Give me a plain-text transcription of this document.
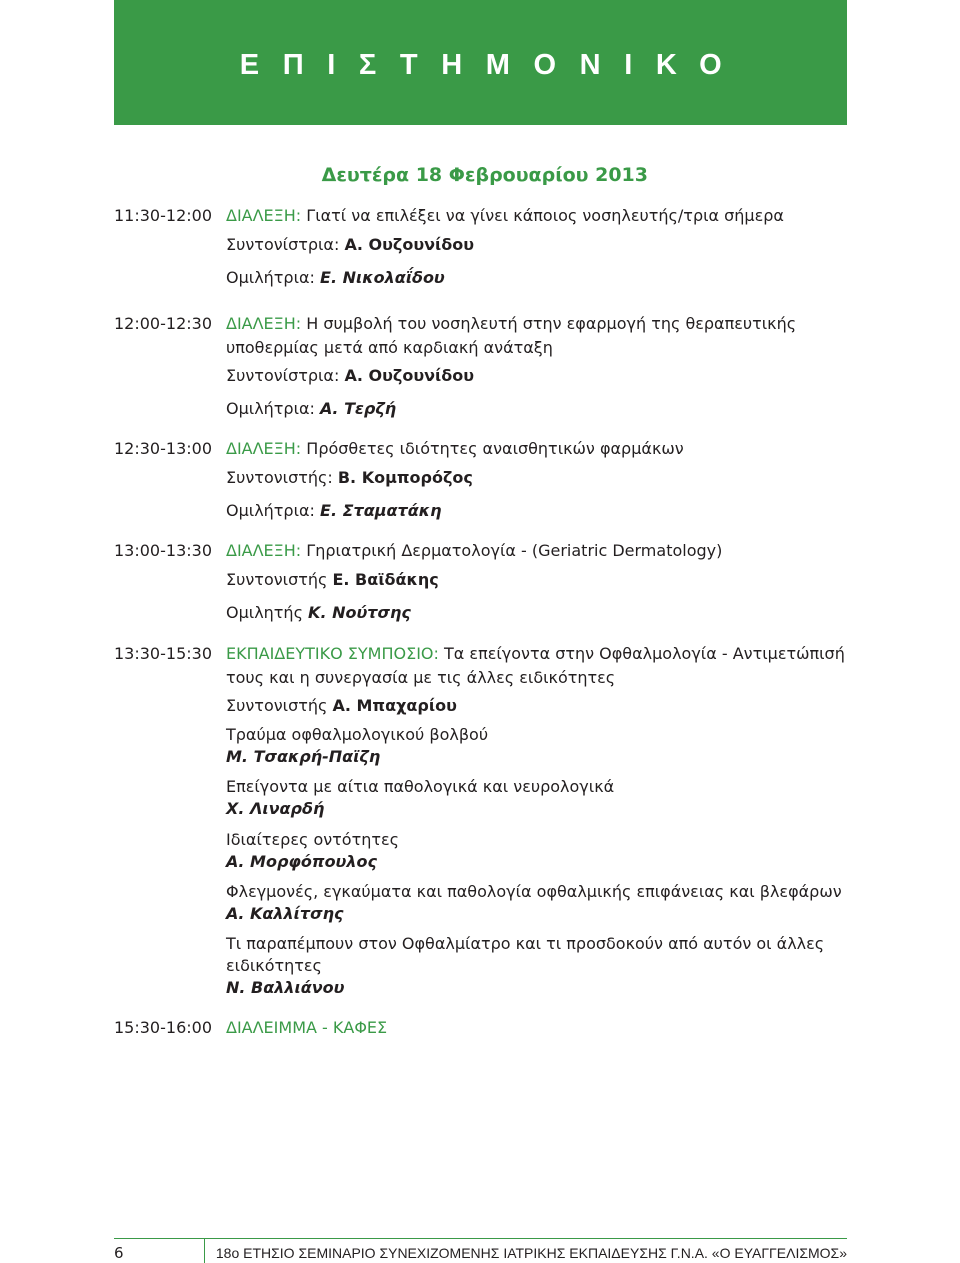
ΕΠΙΣΤΗΜΟΝΙΚΟ
Δευτέρα 18 Φεβρουαρίου 2013
11:30-12:00 ΔΙΑΛΕΞΗ: Γιατί να επιλέξει να γίνει κάποιος νοσηλευτής/τρια σήμερα
Συντονίστρια: Α. Ουζουνίδου
Ομιλήτρια: Ε. Νικολαΐδου
12:00-12:30 ΔΙΑΛΕΞΗ: Η συμβολή του νοσηλευτή στην εφαρμογή της θεραπευτικής
υποθερμίας μετά από καρδιακή ανάταξη
Συντονίστρια: Α. Ουζουνίδου
Ομιλήτρια: Α. Τερζή
12:30-13:00 ΔΙΑΛΕΞΗ: Πρόσθετες ιδιότητες αναισθητικών φαρμάκων
Συντονιστής: Β. Κομπορόζος
Ομιλήτρια: Ε. Σταματάκη
13:00-13:30 ΔΙΑΛΕΞΗ: Γηριατρική Δερματολογία - (Geriatric Dermatology)
Συντονιστής Ε. Βαϊδάκης
Ομιλητής Κ. Νούτσης
13:30-15:30 ΕΚΠΑΙΔΕΥΤΙΚΟ ΣΥΜΠΟΣΙΟ: Τα επείγοντα στην Οφθαλμολογία - Αντιμετώπισή
τους και η συνεργασία με τις άλλες ειδικότητες
Συντονιστής Α. Μπαχαρίου
Τραύμα οφθαλμολογικού βολβού
Μ. Τσακρή-Παϊζη
Επείγοντα με αίτια παθολογικά και νευρολογικά
Χ. Λιναρδή
Ιδιαίτερες οντότητες
Α. Μορφόπουλος
Φλεγμονές, εγκαύματα και παθολογία οφθαλμικής επιφάνειας και βλεφάρων
Α. Καλλίτσης
Τι παραπέμπουν στον Οφθαλμίατρο και τι προσδοκούν από αυτόν οι άλλες
ειδικότητες
Ν. Βαλλιάνου
15:30-16:00 ΔΙΑΛΕΙΜΜΑ - ΚΑΦΕΣ
6	18ο ΕΤΗΣΙΟ ΣΕΜΙΝΑΡΙΟ ΣΥΝΕΧΙΖΟΜΕΝΗΣ ΙΑΤΡΙΚΗΣ ΕΚΠΑΙΔΕΥΣΗΣ Γ.Ν.Α. «Ο ΕΥΑΓΓΕΛΙΣΜΟΣ»
